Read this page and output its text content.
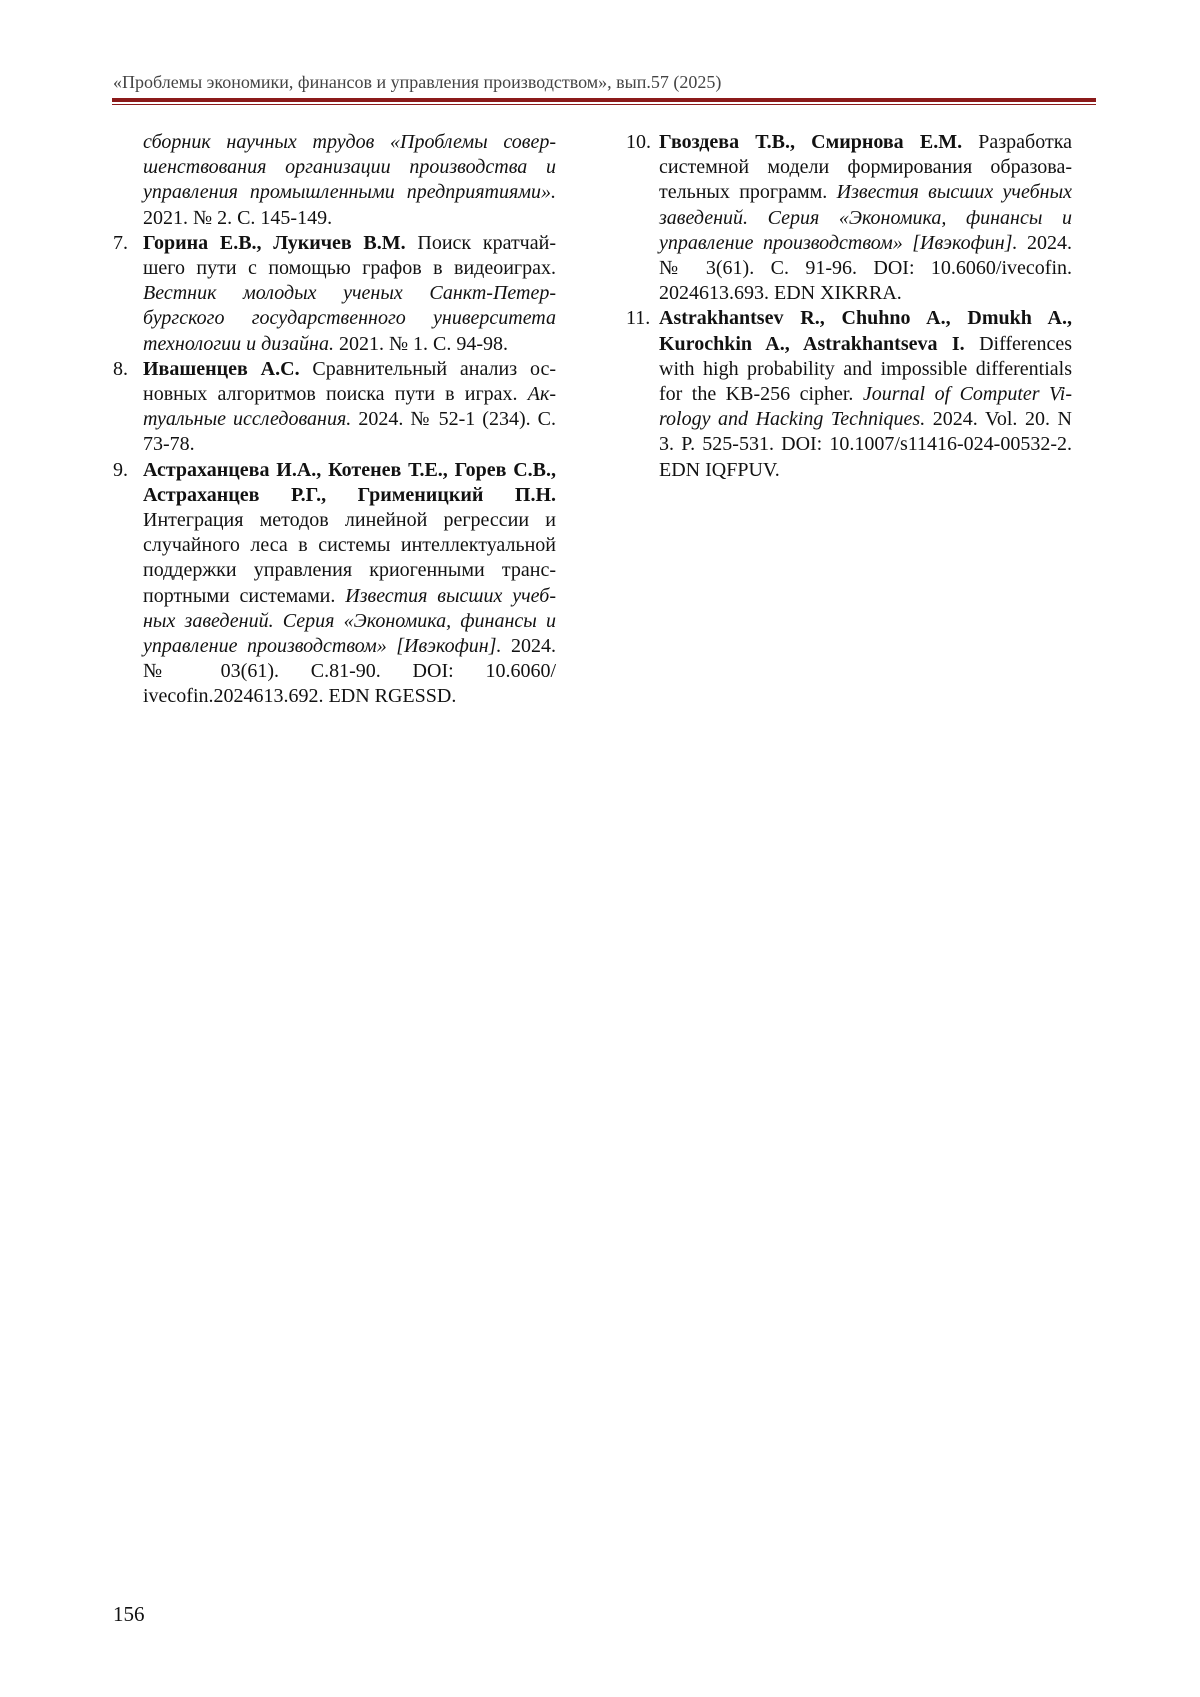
«Проблемы экономики, финансов и управления производством», вып.57 (2025)

сборник научных трудов «Проблемы совершенствования организации производства и управления промышленными предприятиями». 2021. № 2. С. 145-149.
7. Горина Е.В., Лукичев В.М. Поиск кратчайшего пути с помощью графов в видеоиграх. Вестник молодых ученых Санкт-Петербургского государственного университета технологии и дизайна. 2021. № 1. С. 94-98.
8. Ивашенцев А.С. Сравнительный анализ основных алгоритмов поиска пути в играх. Актуальные исследования. 2024. № 52-1 (234). С. 73-78.
9. Астраханцева И.А., Котенев Т.Е., Горев С.В., Астраханцев Р.Г., Грименицкий П.Н. Интеграция методов линейной регрессии и случайного леса в системы интеллектуальной поддержки управления криогенными транспортными системами. Известия высших учебных заведений. Серия «Экономика, финансы и управление производством» [Ивэкофин]. 2024. № 03(61). С.81-90. DOI: 10.6060/ ivecofin.2024613.692. EDN RGESSD.
10. Гвоздева Т.В., Смирнова Е.М. Разработка системной модели формирования образовательных программ. Известия высших учебных заведений. Серия «Экономика, финансы и управление производством» [Ивэкофин]. 2024. № 3(61). С. 91-96. DOI: 10.6060/ivecofin. 2024613.693. EDN XIKRRA.
11. Astrakhantsev R., Chuhno A., Dmukh A., Kurochkin A., Astrakhantseva I. Differences with high probability and impossible differentials for the KB-256 cipher. Journal of Computer Virology and Hacking Techniques. 2024. Vol. 20. N 3. P. 525-531. DOI: 10.1007/s11416-024-00532-2. EDN IQFPUV.

156
